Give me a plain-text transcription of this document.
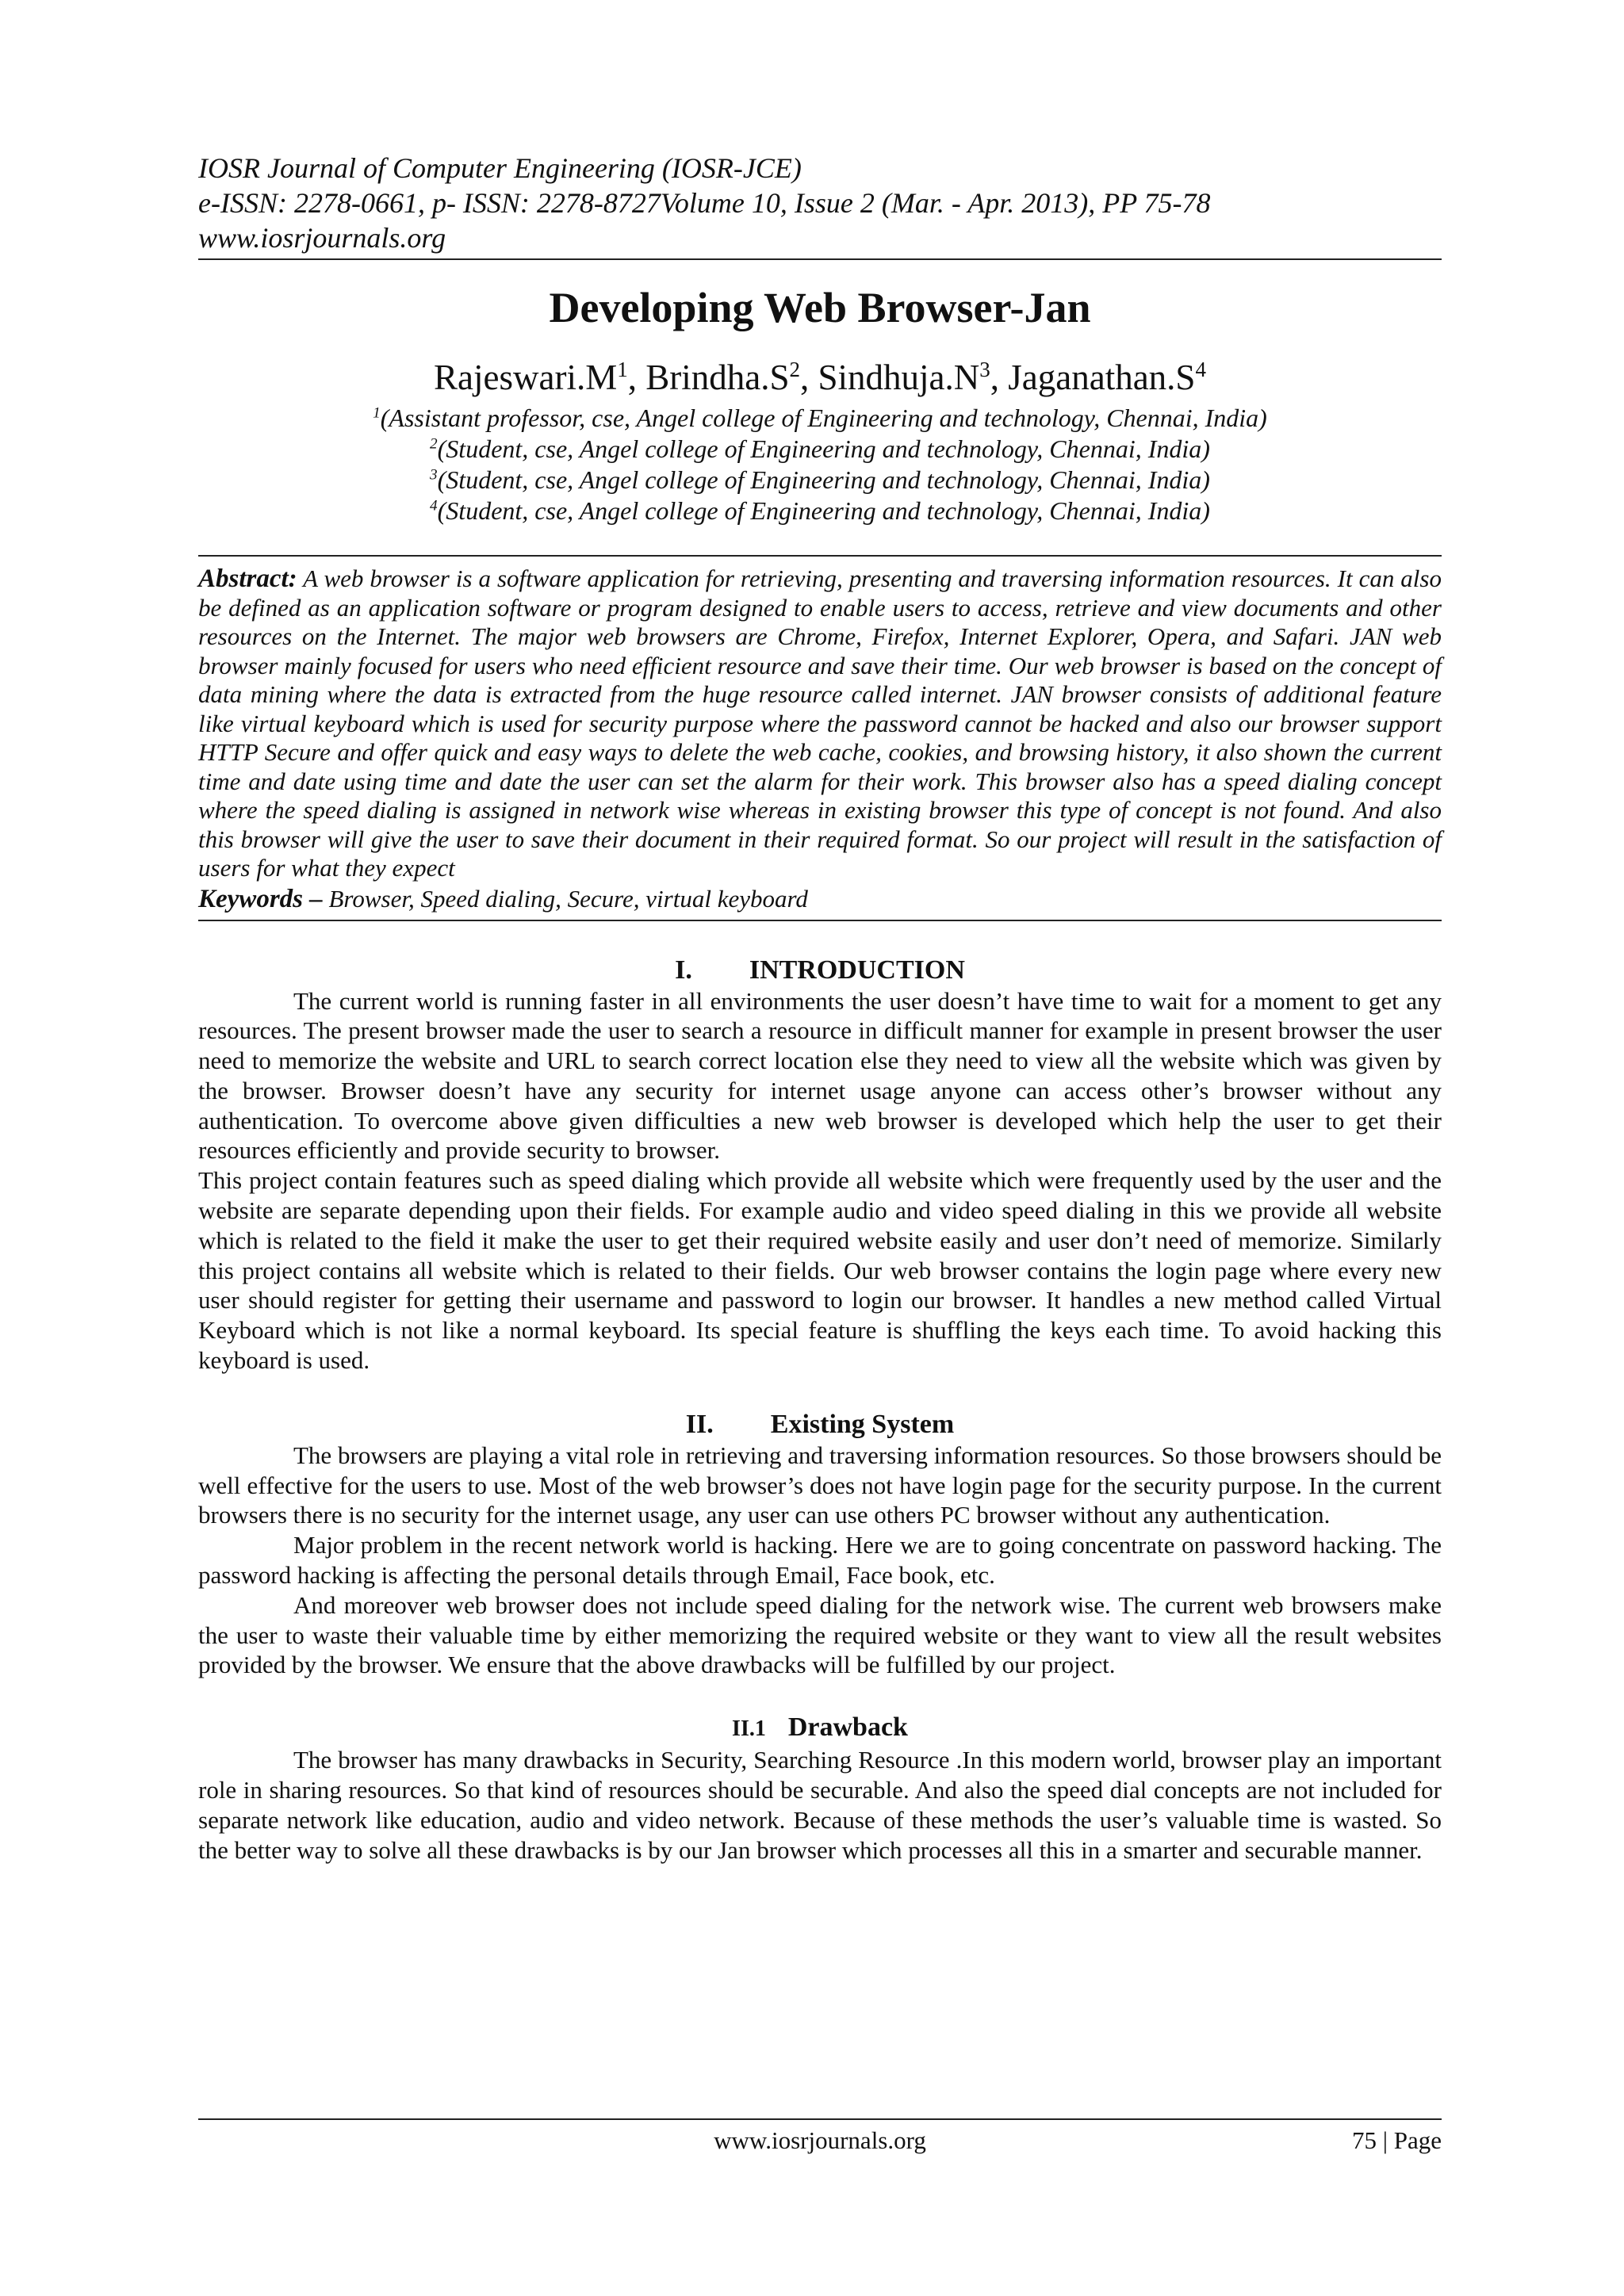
IOSR Journal of Computer Engineering (IOSR-JCE)
e-ISSN: 2278-0661, p- ISSN: 2278-8727Volume 10, Issue 2 (Mar. - Apr. 2013), PP 75-78
www.iosrjournals.org
Developing Web Browser-Jan
$Rajeswari.M^1$, $Brindha.S^2$, $Sindhuja.N^3$, $Jaganathan.S^4$
$^1$(Assistant professor, cse, Angel college of Engineering and technology, Chennai, India)
$^2$(Student, cse, Angel college of Engineering and technology, Chennai, India)
$^3$(Student, cse, Angel college of Engineering and technology, Chennai, India)
$^4$(Student, cse, Angel college of Engineering and technology, Chennai, India)

Abstract: A web browser is a software application for retrieving, presenting and traversing information resources. It can also be defined as an application software or program designed to enable users to access, retrieve and view documents and other resources on the Internet. The major web browsers are Chrome, Firefox, Internet Explorer, Opera, and Safari. JAN web browser mainly focused for users who need efficient resource and save their time. Our web browser is based on the concept of data mining where the data is extracted from the huge resource called internet. JAN browser consists of additional feature like virtual keyboard which is used for security purpose where the password cannot be hacked and also our browser support HTTP Secure and offer quick and easy ways to delete the web cache, cookies, and browsing history, it also shown the current time and date using time and date the user can set the alarm for their work. This browser also has a speed dialing concept where the speed dialing is assigned in network wise whereas in existing browser this type of concept is not found. And also this browser will give the user to save their document in their required format. So our project will result in the satisfaction of users for what they expect

Keywords – Browser, Speed dialing, Secure, virtual keyboard

I. INTRODUCTION

The current world is running faster in all environments the user doesn’t have time to wait for a moment to get any resources. The present browser made the user to search a resource in difficult manner for example in present browser the user need to memorize the website and URL to search correct location else they need to view all the website which was given by the browser. Browser doesn’t have any security for internet usage anyone can access other’s browser without any authentication. To overcome above given difficulties a new web browser is developed which help the user to get their resources efficiently and provide security to browser.

This project contain features such as speed dialing which provide all website which were frequently used by the user and the website are separate depending upon their fields. For example audio and video speed dialing in this we provide all website which is related to the field it make the user to get their required website easily and user don’t need of memorize. Similarly this project contains all website which is related to their fields. Our web browser contains the login page where every new user should register for getting their username and password to login our browser. It handles a new method called Virtual Keyboard which is not like a normal keyboard. Its special feature is shuffling the keys each time. To avoid hacking this keyboard is used.

II. Existing System

The browsers are playing a vital role in retrieving and traversing information resources. So those browsers should be well effective for the users to use. Most of the web browser’s does not have login page for the security purpose. In the current browsers there is no security for the internet usage, any user can use others PC browser without any authentication.

Major problem in the recent network world is hacking. Here we are to going concentrate on password hacking. The password hacking is affecting the personal details through Email, Face book, etc.

And moreover web browser does not include speed dialing for the network wise. The current web browsers make the user to waste their valuable time by either memorizing the required website or they want to view all the result websites provided by the browser. We ensure that the above drawbacks will be fulfilled by our project.

II.1 Drawback

The browser has many drawbacks in Security, Searching Resource .In this modern world, browser play an important role in sharing resources. So that kind of resources should be securable. And also the speed dial concepts are not included for separate network like education, audio and video network. Because of these methods the user’s valuable time is wasted. So the better way to solve all these drawbacks is by our Jan browser which processes all this in a smarter and securable manner.

www.iosrjournals.org	75 | Page
